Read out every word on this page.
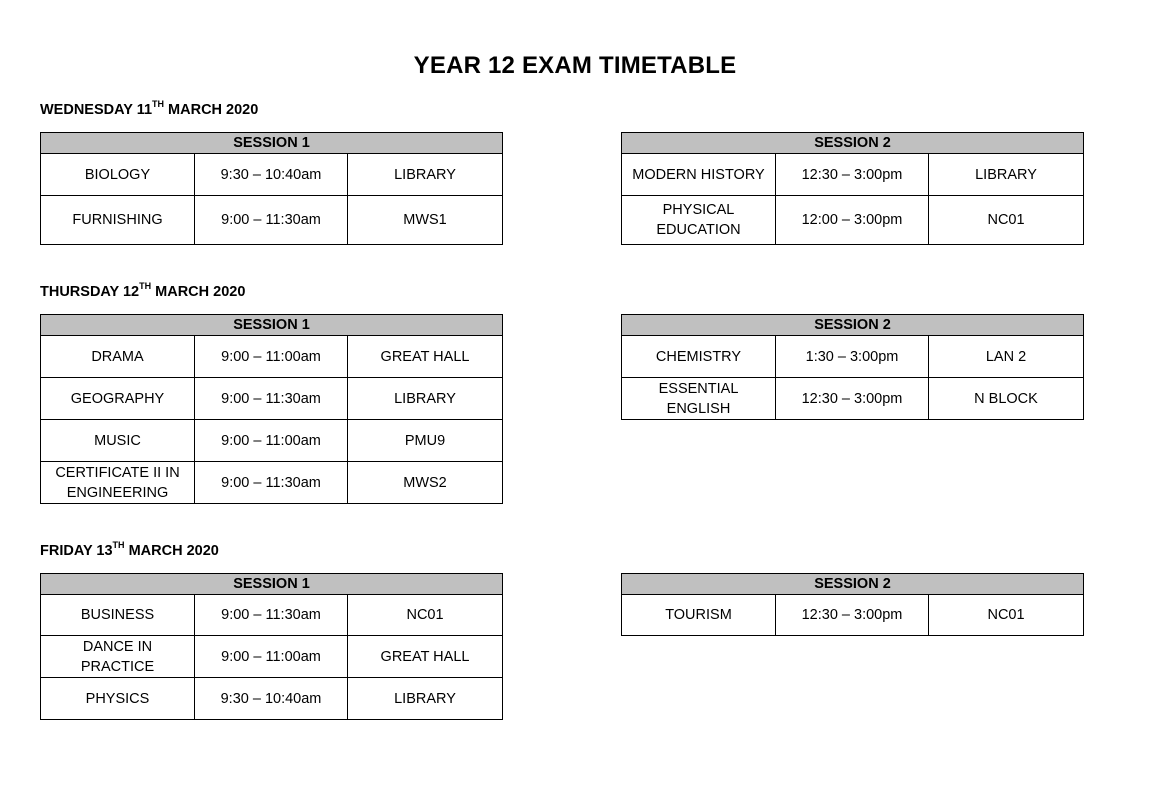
YEAR 12 EXAM TIMETABLE
WEDNESDAY 11TH MARCH 2020
SESSION 1		
BIOLOGY	9:30 – 10:40am	LIBRARY
FURNISHING	9:00 – 11:30am	MWS1
SESSION 2		
MODERN HISTORY	12:30 – 3:00pm	LIBRARY
PHYSICAL EDUCATION	12:00 – 3:00pm	NC01
THURSDAY 12TH MARCH 2020
SESSION 1		
DRAMA	9:00 – 11:00am	GREAT HALL
GEOGRAPHY	9:00 – 11:30am	LIBRARY
MUSIC	9:00 – 11:00am	PMU9
CERTIFICATE II IN ENGINEERING	9:00 – 11:30am	MWS2
SESSION 2		
CHEMISTRY	1:30 – 3:00pm	LAN 2
ESSENTIAL ENGLISH	12:30 – 3:00pm	N BLOCK
FRIDAY 13TH MARCH 2020
SESSION 1		
BUSINESS	9:00 – 11:30am	NC01
DANCE IN PRACTICE	9:00 – 11:00am	GREAT HALL
PHYSICS	9:30 – 10:40am	LIBRARY
SESSION 2
TOURISM	12:30 – 3:00pm	NC01
